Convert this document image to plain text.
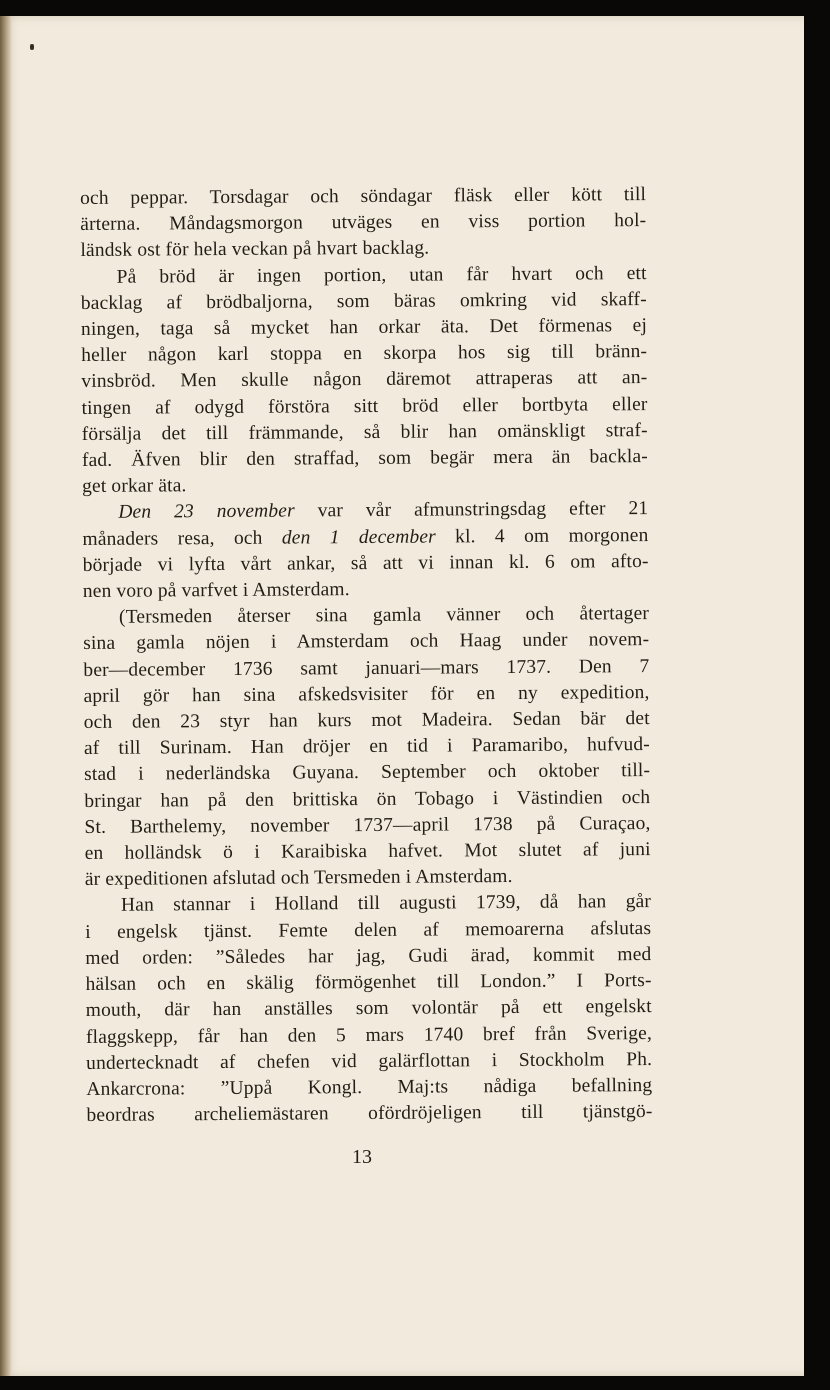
och peppar. Torsdagar och söndagar fläsk eller kött till
ärterna. Måndagsmorgon utväges en viss portion hol-
ländsk ost för hela veckan på hvart backlag.
På bröd är ingen portion, utan får hvart och ett
backlag af brödbaljorna, som bäras omkring vid skaff-
ningen, taga så mycket han orkar äta. Det förmenas ej
heller någon karl stoppa en skorpa hos sig till bränn-
vinsbröd. Men skulle någon däremot attraperas att an-
tingen af odygd förstöra sitt bröd eller bortbyta eller
försälja det till främmande, så blir han omänskligt straf-
fad. Äfven blir den straffad, som begär mera än backla-
get orkar äta.
Den 23 november var vår afmunstringsdag efter 21
månaders resa, och den 1 december kl. 4 om morgonen
började vi lyfta vårt ankar, så att vi innan kl. 6 om afto-
nen voro på varfvet i Amsterdam.
(Tersmeden återser sina gamla vänner och återtager
sina gamla nöjen i Amsterdam och Haag under novem-
ber—december 1736 samt januari—mars 1737. Den 7
april gör han sina afskedsvisiter för en ny expedition,
och den 23 styr han kurs mot Madeira. Sedan bär det
af till Surinam. Han dröjer en tid i Paramaribo, hufvud-
stad i nederländska Guyana. September och oktober till-
bringar han på den brittiska ön Tobago i Västindien och
St. Barthelemy, november 1737—april 1738 på Curaçao,
en holländsk ö i Karaibiska hafvet. Mot slutet af juni
är expeditionen afslutad och Tersmeden i Amsterdam.
Han stannar i Holland till augusti 1739, då han går
i engelsk tjänst. Femte delen af memoarerna afslutas
med orden: ”Således har jag, Gudi ärad, kommit med
hälsan och en skälig förmögenhet till London.” I Ports-
mouth, där han anställes som volontär på ett engelskt
flaggskepp, får han den 5 mars 1740 bref från Sverige,
undertecknadt af chefen vid galärflottan i Stockholm Ph.
Ankarcrona: ”Uppå Kongl. Maj:ts nådiga befallning
beordras archeliemästaren ofördröjeligen till tjänstgö-
13
